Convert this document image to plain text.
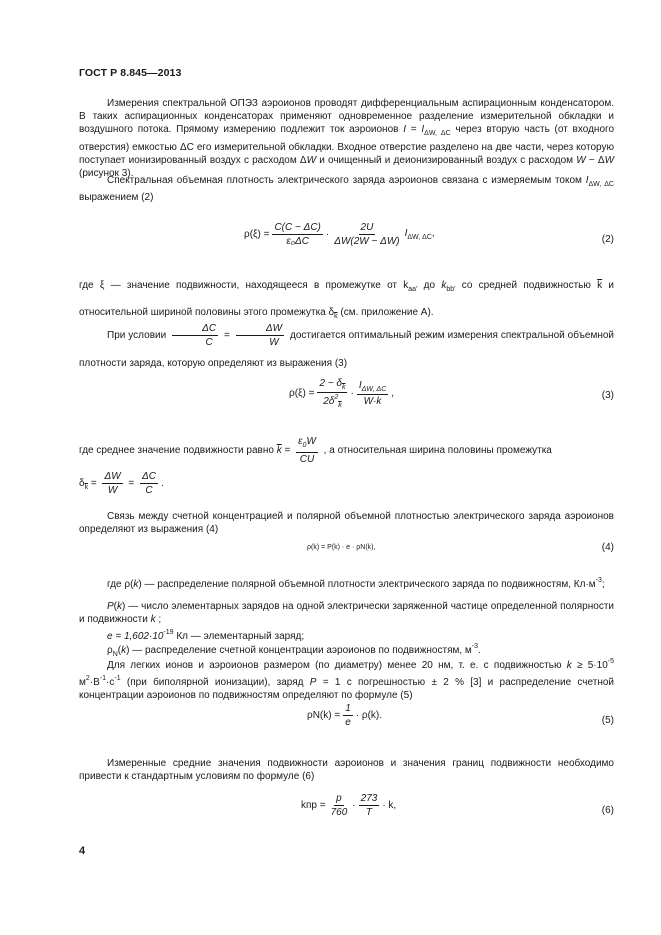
ГОСТ Р 8.845—2013
Измерения спектральной ОПЭЗ аэроионов проводят дифференциальным аспирационным конденсатором. В таких аспирационных конденсаторах применяют одновременное разделение измерительной обкладки и воздушного потока. Прямому измерению подлежит ток аэроионов $I = I_{\Delta W, \Delta C}$ через вторую часть (от входного отверстия) емкостью ΔC его измерительной обкладки. Входное отверстие разделено на две части, через которую поступает ионизированный воздух с расходом ΔW и очищенный и деионизированный воздух с расходом W − ΔW (рисунок 3).
Спектральная объемная плотность электрического заряда аэроионов связана с измеряемым током $I_{\Delta W, \Delta C}$ выражением (2)
$\rho(\xi) = \frac{C(C - \Delta C)}{\text{ε₀ΔC}} \cdot \frac{2U}{\Delta W(2W - \Delta W)} I_{\Delta W, \Delta C}$,
(2)
где ξ — значение подвижности, находящееся в промежутке от $k_{aa'}$ до $k_{bb'}$ со средней подвижностью $\overline{k}$ и относительной шириной половины этого промежутка $\delta_{\overline{k}}$ (см. приложение А).
При условии $\frac{\Delta C}{C} = \frac{\Delta W}{W}$ достигается оптимальный режим измерения спектральной объемной плотности заряда, которую определяют из выражения (3)
$\rho(\xi) = \frac{2 - \delta_{\overline{k}}}{2\delta^2_{\overline{k}}} \cdot \frac{I_{\Delta W, \Delta C}}{W\cdot k}$ ,	(3)
где среднее значение подвижности равно $\overline{k} = \frac{\varepsilon_0W}{CU}$ , а относительная ширина половины промежутка
$\delta_{\overline{k}} = \frac{\Delta W}{W} = \frac{\Delta C}{C}$ .
Связь между счетной концентрацией и полярной объемной плотностью электрического заряда аэроионов определяют из выражения (4)
ρ(k) = P(k) · e · ρN(k),	(4)
где ρ(k) — распределение полярной объемной плотности электрического заряда по подвижностям, $Кл\cdot м^{-3}$;
P(k) — число элементарных зарядов на одной электрически заряженной частице определенной полярности и подвижности k ;
$e = 1,602\cdot 10^{-19}$ Кл — элементарный заряд;
$\rho_N(k)$ — распределение счетной концентрации аэроионов по подвижностям, $м^{-3}$.
Для легких ионов и аэроионов размером (по диаметру) менее 20 нм, т. е. с подвижностью $k \ge 5\cdot 10^{-5}$ $м^2\cdot В^{-1}\cdot с^{-1}$ (при биполярной ионизации), заряд P = 1 с погрешностью ± 2 % [3] и распределение счетной концентрации аэроионов по подвижностям определяют по формуле (5)
$\rho N(k) = \frac{1}{e} \cdot \rho(k)$.	(5)
Измеренные средние значения подвижности аэроионов и значения границ подвижности необходимо привести к стандартным условиям по формуле (6)
kпр = $\frac{p}{760} \cdot \frac{273}{T} \cdot k$,	(6)
4
